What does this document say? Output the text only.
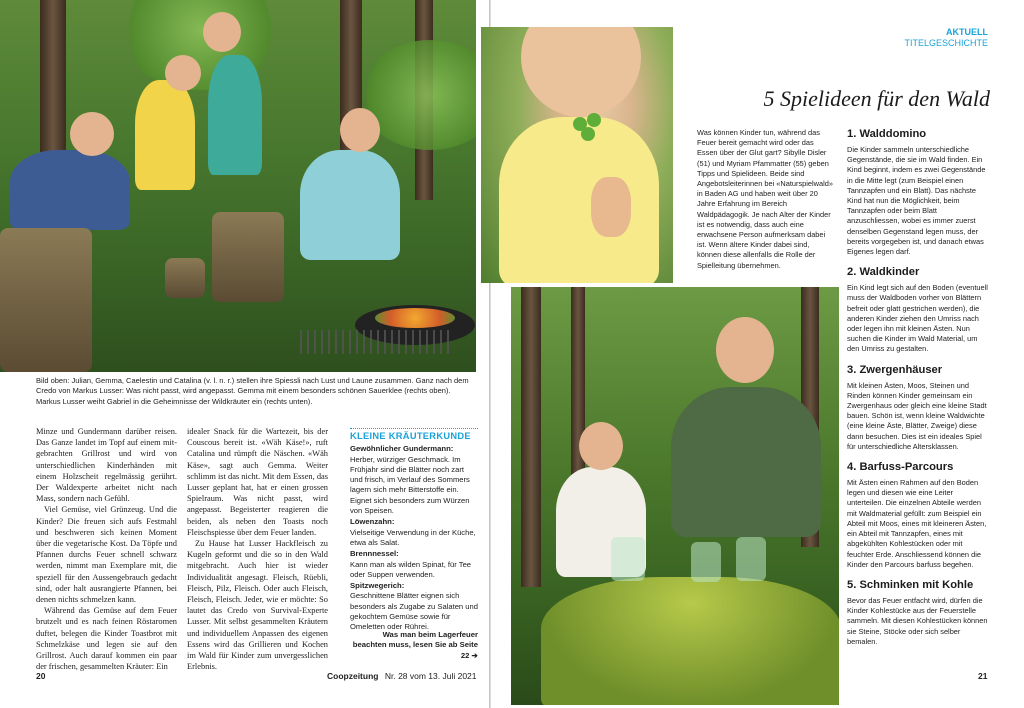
Bild oben: Julian, Gemma, Caelestin und Catalina (v. l. n. r.) stellen ihre Spiessli nach Lust und Laune zusammen. Ganz nach dem Credo von Markus Lusser: Was nicht passt, wird angepasst. Gemma mit einem besonders schönen Sauerklee (rechts oben). Markus Lusser weiht Gabriel in die Geheimnisse der Wildkräuter ein (rechts unten).

Minze und Gundermann darüber reisen. Das Ganze landet im Topf auf einem mit-gebrachten Grillrost und wird von unterschiedlichen Kinderhänden mit einem Holzscheit regelmässig gerührt. Der Waldexperte arbeitet nicht nach Mass, sondern nach Gefühl.

Viel Gemüse, viel Grünzeug. Und die Kinder? Die freuen sich aufs Festmahl und beschweren sich keinen Moment über die vegetarische Kost. Da Töpfe und Pfannen durchs Feuer schnell schwarz werden, nimmt man Exemplare mit, die speziell für den Aussengebrauch gedacht sind, oder halt ausrangierte Pfannen, bei denen nichts schmelzen kann.

Während das Gemüse auf dem Feuer brutzelt und es nach feinen Röstaromen duftet, belegen die Kinder Toastbrot mit Schmelzkäse und legen sie auf den Grillrost. Auch darauf kommen ein paar der frischen, gesammelten Kräuter: Ein

idealer Snack für die Wartezeit, bis der Couscous bereit ist. «Wäh Käse!», ruft Catalina und rümpft die Näschen. «Wäh Käse», sagt auch Gemma. Weiter schlimm ist das nicht. Mit dem Essen, das Lusser geplant hat, hat er einen grossen Spielraum. Was nicht passt, wird angepasst. Begeisterter reagieren die beiden, als neben den Toasts noch Fleischspiesse über dem Feuer landen.

Zu Hause hat Lusser Hackfleisch zu Kugeln geformt und die so in den Wald mitgebracht. Auch hier ist wieder Individualität angesagt. Fleisch, Rüebli, Fleisch, Pilz, Fleisch. Oder auch Fleisch, Fleisch, Fleisch. Jeder, wie er möchte: So lautet das Credo von Survival-Experte Lusser. Mit selbst gesammelten Kräutern und individuellem Anpassen des eigenen Essens wird das Grillieren und Kochen im Wald für Kinder zum unvergesslichen Erlebnis.

KLEINE KRÄUTERKUNDE
Gewöhnlicher Gundermann:
Herber, würziger Geschmack. Im Frühjahr sind die Blätter noch zart und frisch, im Verlauf des Sommers lagern sich mehr Bitterstoffe ein. Eignet sich besonders zum Würzen von Speisen.
Löwenzahn:
Vielseitige Verwendung in der Küche, etwa als Salat.
Brennnessel:
Kann man als wilden Spinat, für Tee oder Suppen verwenden.
Spitzwegerich:
Geschnittene Blätter eignen sich besonders als Zugabe zu Salaten und gekochtem Gemüse sowie für Omeletten oder Rührei.
Was man beim Lagerfeuer beachten muss, lesen Sie ab Seite 22 ➔
20	Coopzeitung Nr. 28 vom 13. Juli 2021
AKTUELL
TITELGESCHICHTE
5 Spielideen für den Wald
Was können Kinder tun, während das Feuer bereit gemacht wird oder das Essen über der Glut gart? Sibylle Disler (51) und Myriam Pfammatter (55) geben Tipps und Spielideen. Beide sind Angebotsleiterinnen bei «Naturspielwald» in Baden AG und haben weit über 20 Jahre Erfahrung im Bereich Waldpädagogik. Je nach Alter der Kinder ist es notwendig, dass auch eine erwachsene Person aufmerksam dabei ist. Wenn ältere Kinder dabei sind, können diese allenfalls die Rolle der Spielleitung übernehmen.
1. Walddomino

Die Kinder sammeln unterschiedliche Gegenstände, die sie im Wald finden. Ein Kind beginnt, indem es zwei Gegenstände in die Mitte legt (zum Beispiel einen Tannzapfen und ein Blatt). Das nächste Kind hat nun die Möglichkeit, beim Tannzapfen oder beim Blatt anzuschliessen, wobei es immer zuerst denselben Gegenstand legen muss, der bereits vorgegeben ist, und danach etwas Eigenes legen darf.

2. Waldkinder

Ein Kind legt sich auf den Boden (eventuell muss der Waldboden vorher von Blättern befreit oder glatt gestrichen werden), die anderen Kinder ziehen den Umriss nach oder legen ihn mit kleinen Ästen. Nun suchen die Kinder im Wald Material, um den Umriss zu gestalten.

3. Zwergenhäuser

Mit kleinen Ästen, Moos, Steinen und Rinden können Kinder gemeinsam ein Zwergenhaus oder gleich eine kleine Stadt bauen. Schön ist, wenn kleine Waldwichte (eine kleine Äste, Blätter, Zweige) diese dann besuchen. Dies ist ein ideales Spiel für unterschiedliche Altersklassen.

4. Barfuss-Parcours

Mit Ästen einen Rahmen auf den Boden legen und diesen wie eine Leiter unterteilen. Die einzelnen Abteile werden mit Waldmaterial gefüllt: zum Beispiel ein Abteil mit Moos, eines mit kleineren Ästen, ein Abteil mit Tannzapfen, eines mit abgekühlten Kohlestücken oder mit feuchter Erde. Anschliessend können die Kinder den Parcours barfuss begehen.

5. Schminken mit Kohle

Bevor das Feuer entfacht wird, dürfen die Kinder Kohlestücke aus der Feuerstelle sammeln. Mit diesen Kohlestücken können sie Steine, Stöcke oder sich selber bemalen.

21
